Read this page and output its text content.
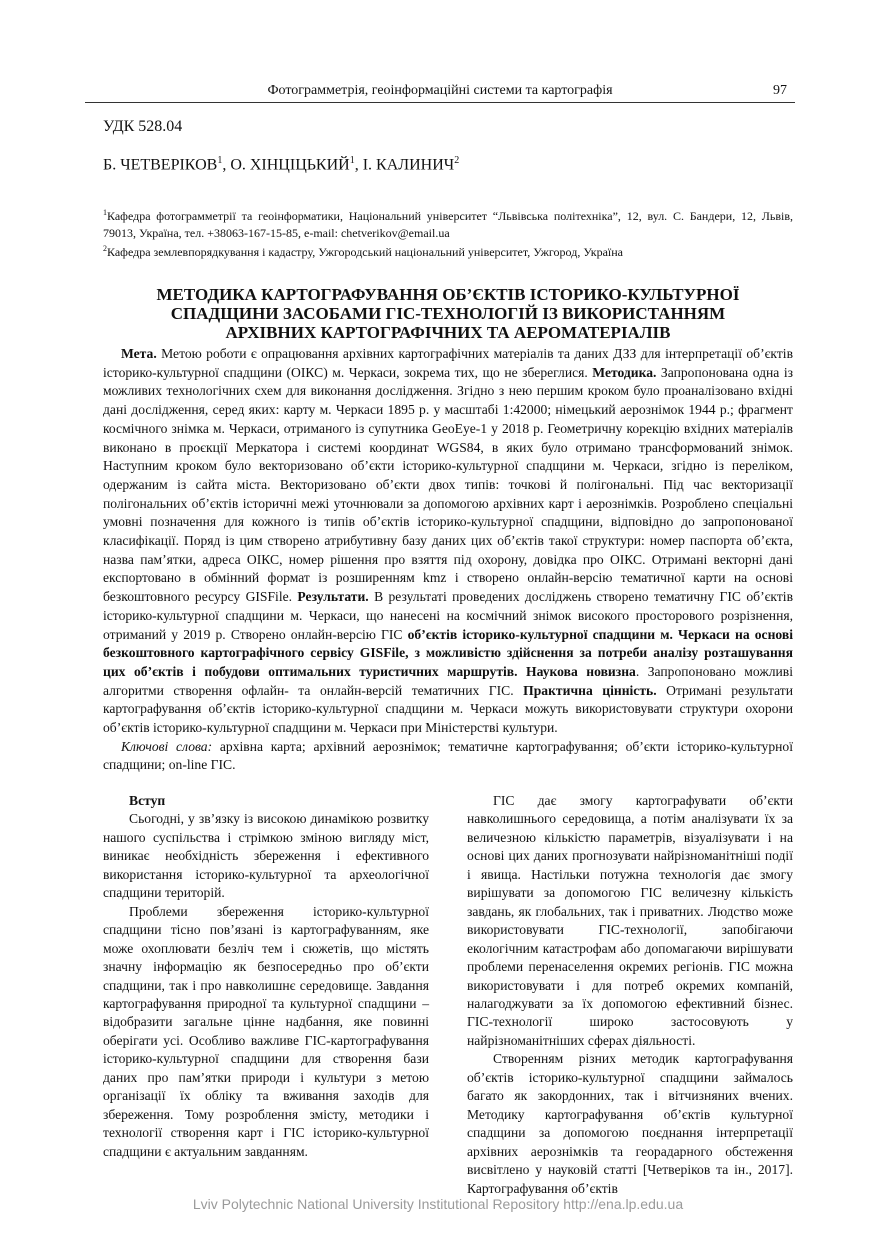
Фотограмметрія, геоінформаційні системи та картографія	97
УДК 528.04
Б. ЧЕТВЕРІКОВ$^1$, О. ХІНЦІЦЬКИЙ$^1$, І. КАЛИНИЧ$^2$
$^1$Кафедра фотограмметрії та геоінформатики, Національний університет “Львівська політехніка”, 12, вул. С. Бандери, 12, Львів, 79013, Україна, тел. +38063-167-15-85, e-mail: chetverikov@email.ua
$^2$Кафедра землевпорядкування і кадастру, Ужгородський національний університет, Ужгород, Україна
МЕТОДИКА КАРТОГРАФУВАННЯ ОБ’ЄКТІВ ІСТОРИКО-КУЛЬТУРНОЇ
СПАДЩИНИ ЗАСОБАМИ ГІС-ТЕХНОЛОГІЙ ІЗ ВИКОРИСТАННЯМ
АРХІВНИХ КАРТОГРАФІЧНИХ ТА АЕРОМАТЕРІАЛІВ

Мета. Метою роботи є опрацювання архівних картографічних матеріалів та даних ДЗЗ для інтерпретації об’єктів історико-культурної спадщини (ОІКС) м. Черкаси, зокрема тих, що не збереглися. Методика. Запропонована одна із можливих технологічних схем для виконання дослідження. Згідно з нею першим кроком було проаналізовано вхідні дані дослідження, серед яких: карту м. Черкаси 1895 р. у масштабі 1:42000; німецький аерознімок 1944 р.; фрагмент космічного знімка м. Черкаси, отриманого із супутника GeoEye-1 у 2018 р. Геометричну корекцію вхідних матеріалів виконано в проєкції Меркатора і системі координат WGS84, в яких було отримано трансформований знімок. Наступним кроком було векторизовано об’єкти історико-культурної спадщини м. Черкаси, згідно із переліком, одержаним із сайта міста. Векторизовано об’єкти двох типів: точкові й полігональні. Під час векторизації полігональних об’єктів історичні межі уточнювали за допомогою архівних карт і аерознімків. Розроблено спеціальні умовні позначення для кожного із типів об’єктів історико-культурної спадщини, відповідно до запропонованої класифікації. Поряд із цим створено атрибутивну базу даних цих об’єктів такої структури: номер паспорта об’єкта, назва пам’ятки, адреса ОІКС, номер рішення про взяття під охорону, довідка про ОІКС. Отримані векторні дані експортовано в обмінний формат із розширенням kmz і створено онлайн-версію тематичної карти на основі безкоштовного ресурсу GISFile. Результати. В результаті проведених досліджень створено тематичну ГІС об’єктів історико-культурної спадщини м. Черкаси, що нанесені на космічний знімок високого просторового розрізнення, отриманий у 2019 р. Створено онлайн-версію ГІС об’єктів історико-культурної спадщини м. Черкаси на основі безкоштовного картографічного сервісу GISFile, з можливістю здійснення за потреби аналізу розташування цих об’єктів і побудови оптимальних туристичних маршрутів. Наукова новизна. Запропоновано можливі алгоритми створення офлайн- та онлайн-версій тематичних ГІС. Практична цінність. Отримані результати картографування об’єктів історико-культурної спадщини м. Черкаси можуть використовувати структури охорони об’єктів історико-культурної спадщини м. Черкаси при Міністерстві культури.

Ключові слова: архівна карта; архівний аерознімок; тематичне картографування; об’єкти історико-культурної спадщини; on-line ГІС.

Вступ

Сьогодні, у зв’язку із високою динамікою розвитку нашого суспільства і стрімкою зміною вигляду міст, виникає необхідність збереження і ефективного використання історико-культурної та археологічної спадщини територій.

Проблеми збереження історико-культурної спадщини тісно пов’язані із картографуванням, яке може охоплювати безліч тем і сюжетів, що містять значну інформацію як безпосередньо про об’єкти спадщини, так і про навколишнє середовище. Завдання картографування природної та культурної спадщини – відобразити загальне цінне надбання, яке повинні оберігати усі. Особливо важливе ГІС-картографування історико-культурної спадщини для створення бази даних про пам’ятки природи і культури з метою організації їх обліку та вживання заходів для збереження. Тому розроблення змісту, методики і технології створення карт і ГІС історико-культурної спадщини є актуальним завданням.

ГІС дає змогу картографувати об’єкти навколишнього середовища, а потім аналізувати їх за величезною кількістю параметрів, візуалізувати і на основі цих даних прогнозувати найрізноманітніші події і явища. Настільки потужна технологія дає змогу вирішувати за допомогою ГІС величезну кількість завдань, як глобальних, так і приватних. Людство може використовувати ГІС-технології, запобігаючи екологічним катастрофам або допомагаючи вирішувати проблеми перенаселення окремих регіонів. ГІС можна використовувати і для потреб окремих компаній, налагоджувати за їх допомогою ефективний бізнес. ГІС-технології широко застосовують у найрізноманітніших сферах діяльності.

Створенням різних методик картографування об’єктів історико-культурної спадщини займалось багато як закордонних, так і вітчизняних вчених. Методику картографування об’єктів культурної спадщини за допомогою поєднання інтерпретації архівних аерознімків та георадарного обстеження висвітлено у науковій статті [Четверіков та ін., 2017]. Картографування об’єктів

Lviv Polytechnic National University Institutional Repository http://ena.lp.edu.ua
